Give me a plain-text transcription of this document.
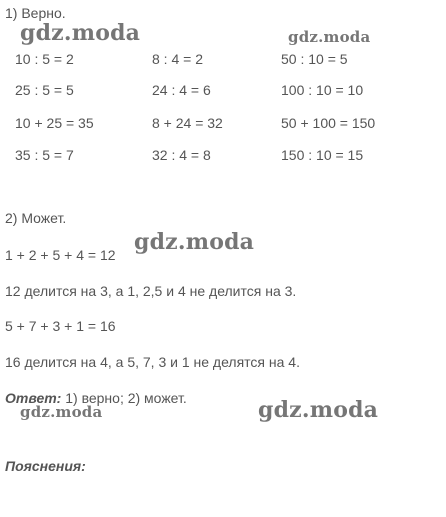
1) Верно.
10 : 5 = 2	8 : 4 = 2	50 : 10 = 5
25 : 5 = 5	24 : 4 = 6	100 : 10 = 10
10 + 25 = 35	8 + 24 = 32	50 + 100 = 150
35 : 5 = 7	32 : 4 = 8	150 : 10 = 15
2) Может.
1 + 2 + 5 + 4 = 12
12 делится на 3, а 1, 2,5 и 4 не делится на 3.
5 + 7 + 3 + 1 = 16
16 делится на 4, а 5, 7, 3 и 1 не делятся на 4.
Ответ: 1) верно; 2) может.
Пояснения:
gdz.moda	gdz.moda
gdz.moda
gdz.moda	gdz.moda
